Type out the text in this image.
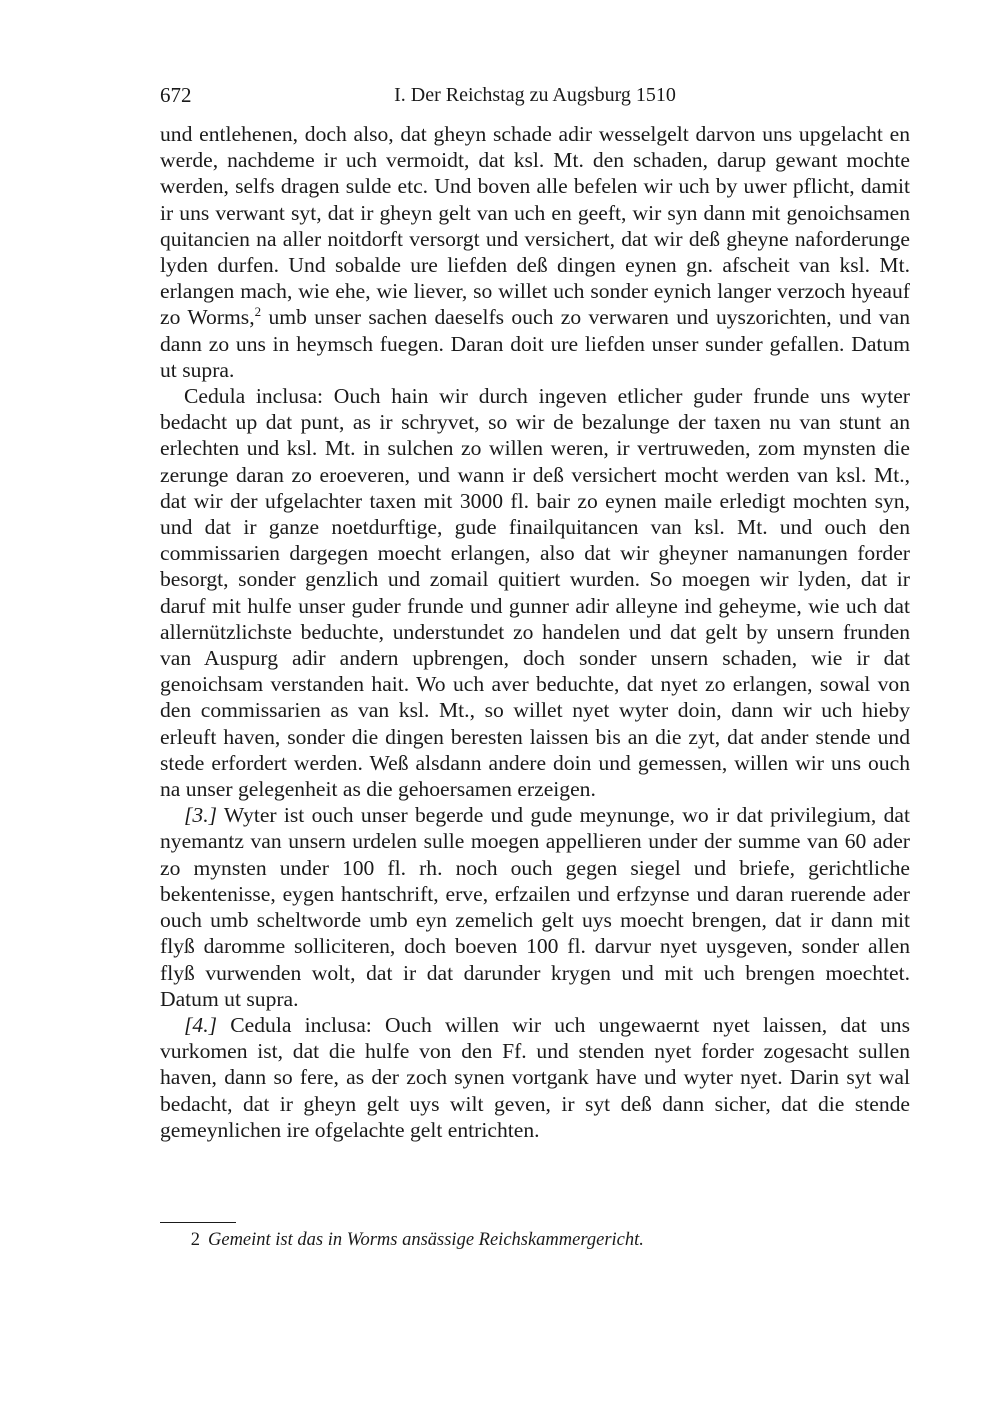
I. Der Reichstag zu Augsburg 1510
672

und entlehenen, doch also, dat gheyn schade adir wesselgelt darvon uns upgelacht en werde, nachdeme ir uch vermoidt, dat ksl. Mt. den schaden, darup gewant mochte werden, selfs dragen sulde etc. Und boven alle befelen wir uch by uwer pflicht, damit ir uns verwant syt, dat ir gheyn gelt van uch en geeft, wir syn dann mit genoichsamen quitancien na aller noitdorft versorgt und versichert, dat wir deß gheyne naforderunge lyden durfen. Und sobalde ure liefden deß dingen eynen gn. afscheit van ksl. Mt. erlangen mach, wie ehe, wie liever, so willet uch sonder eynich langer verzoch hyeauf zo Worms,$^2$ umb unser sachen daeselfs ouch zo verwaren und uyszorichten, und van dann zo uns in heymsch fuegen. Daran doit ure liefden unser sunder gefallen. Datum ut supra.

Cedula inclusa: Ouch hain wir durch ingeven etlicher guder frunde uns wyter bedacht up dat punt, as ir schryvet, so wir de bezalunge der taxen nu van stunt an erlechten und ksl. Mt. in sulchen zo willen weren, ir vertruweden, zom mynsten die zerunge daran zo eroeveren, und wann ir deß versichert mocht werden van ksl. Mt., dat wir der ufgelachter taxen mit 3000 fl. bair zo eynen maile erledigt mochten syn, und dat ir ganze noetdurftige, gude finailquitancen van ksl. Mt. und ouch den commissarien dargegen moecht erlangen, also dat wir gheyner namanungen forder besorgt, sonder genzlich und zomail quitiert wurden. So moegen wir lyden, dat ir daruf mit hulfe unser guder frunde und gunner adir alleyne ind geheyme, wie uch dat allernützlichste beduchte, understundet zo handelen und dat gelt by unsern frunden van Auspurg adir andern upbrengen, doch sonder unsern schaden, wie ir dat genoichsam verstanden hait. Wo uch aver beduchte, dat nyet zo erlangen, sowal von den commissarien as van ksl. Mt., so willet nyet wyter doin, dann wir uch hieby erleuft haven, sonder die dingen beresten laissen bis an die zyt, dat ander stende und stede erfordert werden. Weß alsdann andere doin und gemessen, willen wir uns ouch na unser gelegenheit as die gehoersamen erzeigen.

[3.] Wyter ist ouch unser begerde und gude meynunge, wo ir dat privilegium, dat nyemantz van unsern urdelen sulle moegen appellieren under der summe van 60 ader zo mynsten under 100 fl. rh. noch ouch gegen siegel und briefe, gerichtliche bekentenisse, eygen hantschrift, erve, erfzailen und erfzynse und daran ruerende ader ouch umb scheltworde umb eyn zemelich gelt uys moecht brengen, dat ir dann mit flyß daromme solliciteren, doch boeven 100 fl. darvur nyet uysgeven, sonder allen flyß vurwenden wolt, dat ir dat darunder krygen und mit uch brengen moechtet. Datum ut supra.

[4.] Cedula inclusa: Ouch willen wir uch ungewaernt nyet laissen, dat uns vurkomen ist, dat die hulfe von den Ff. und stenden nyet forder zogesacht sullen haven, dann so fere, as der zoch synen vortgank have und wyter nyet. Darin syt wal bedacht, dat ir gheyn gelt uys wilt geven, ir syt deß dann sicher, dat die stende gemeynlichen ire ofgelachte gelt entrichten.

2 Gemeint ist das in Worms ansässige Reichskammergericht.
